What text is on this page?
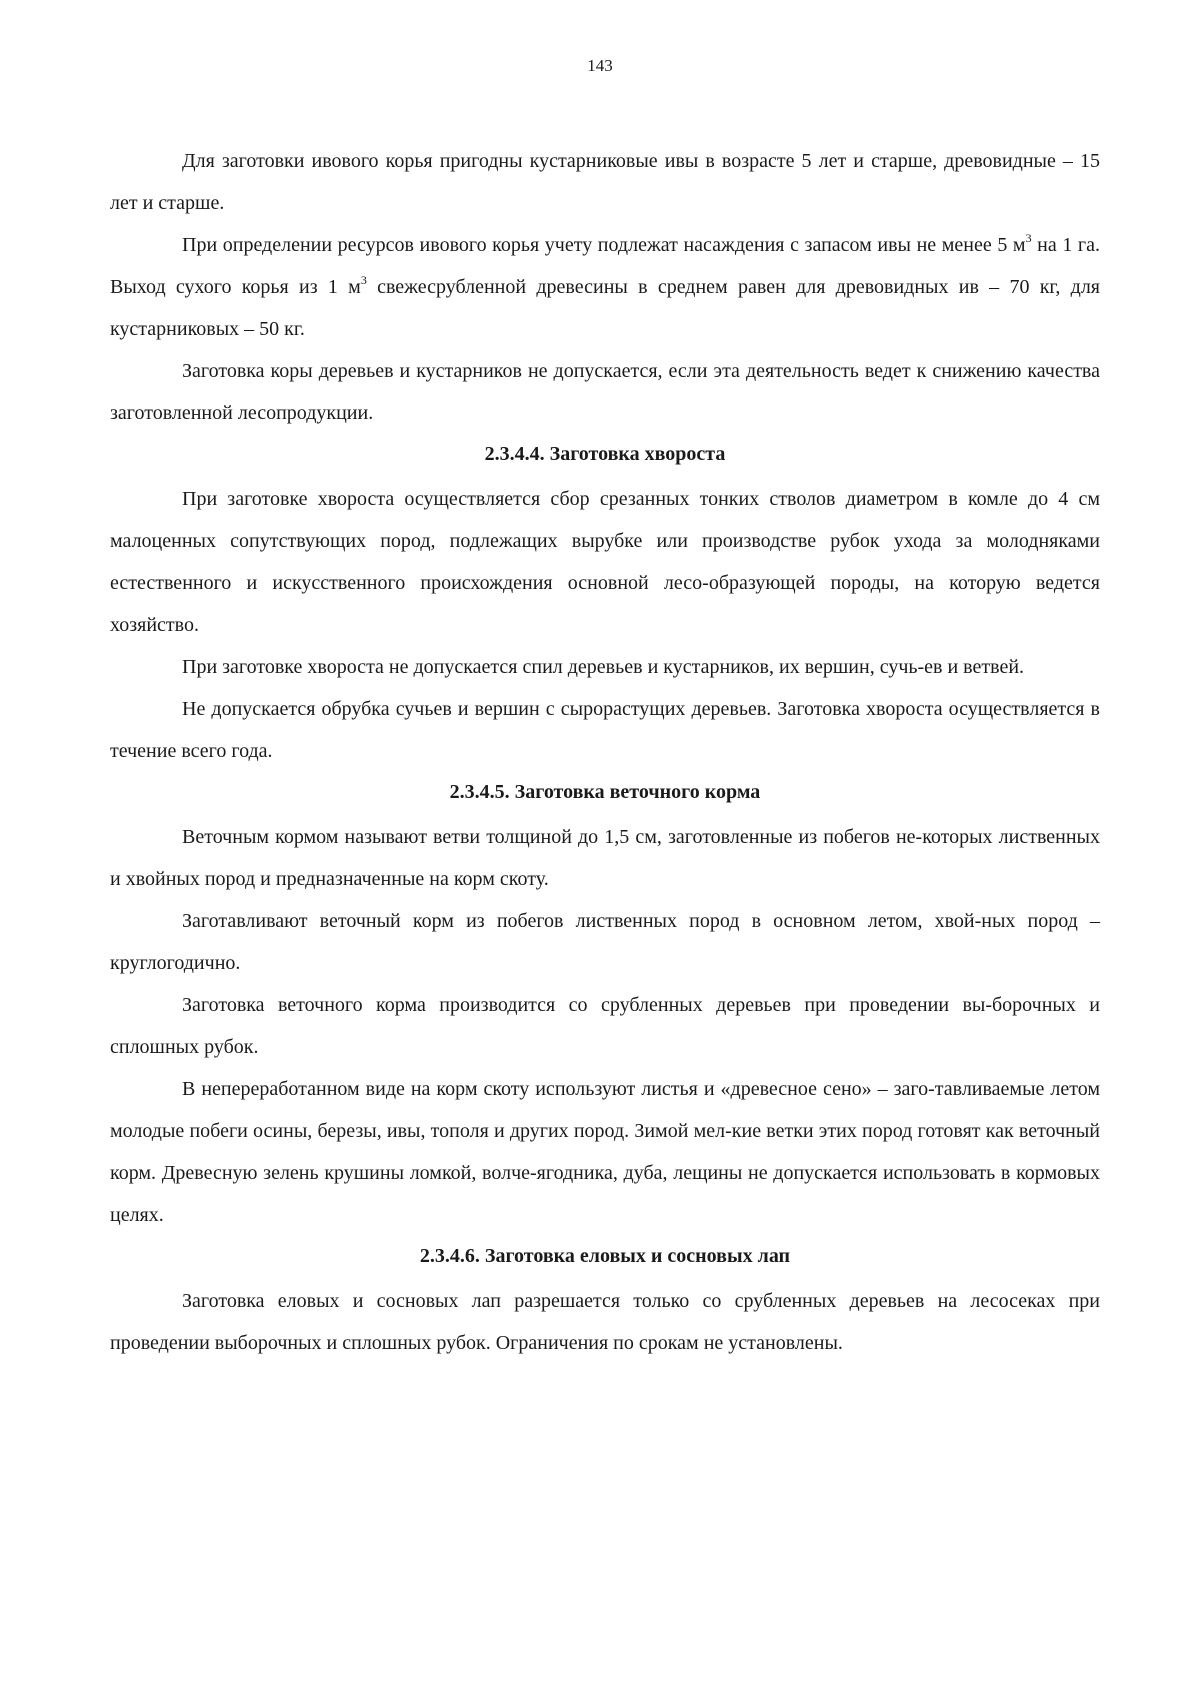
143

Для заготовки ивового корья пригодны кустарниковые ивы в возрасте 5 лет и старше, древовидные – 15 лет и старше.

При определении ресурсов ивового корья учету подлежат насаждения с запасом ивы не менее 5 $м^3$ на 1 га. Выход сухого корья из 1 $м^3$ свежесрубленной древесины в среднем равен для древовидных ив – 70 кг, для кустарниковых – 50 кг.

Заготовка коры деревьев и кустарников не допускается, если эта деятельность ведет к снижению качества заготовленной лесопродукции.

2.3.4.4. Заготовка хвороста

При заготовке хвороста осуществляется сбор срезанных тонких стволов диаметром в комле до 4 см малоценных сопутствующих пород, подлежащих вырубке или производстве рубок ухода за молодняками естественного и искусственного происхождения основной лесо-образующей породы, на которую ведется хозяйство.

При заготовке хвороста не допускается спил деревьев и кустарников, их вершин, сучь-ев и ветвей.

Не допускается обрубка сучьев и вершин с сырорастущих деревьев. Заготовка хвороста осуществляется в течение всего года.

2.3.4.5. Заготовка веточного корма

Веточным кормом называют ветви толщиной до 1,5 см, заготовленные из побегов не-которых лиственных и хвойных пород и предназначенные на корм скоту.

Заготавливают веточный корм из побегов лиственных пород в основном летом, хвой-ных пород – круглогодично.

Заготовка веточного корма производится со срубленных деревьев при проведении вы-борочных и сплошных рубок.

В непереработанном виде на корм скоту используют листья и «древесное сено» – заго-тавливаемые летом молодые побеги осины, березы, ивы, тополя и других пород. Зимой мел-кие ветки этих пород готовят как веточный корм. Древесную зелень крушины ломкой, волче-ягодника, дуба, лещины не допускается использовать в кормовых целях.

2.3.4.6. Заготовка еловых и сосновых лап

Заготовка еловых и сосновых лап разрешается только со срубленных деревьев на лесосеках при проведении выборочных и сплошных рубок. Ограничения по срокам не установлены.
